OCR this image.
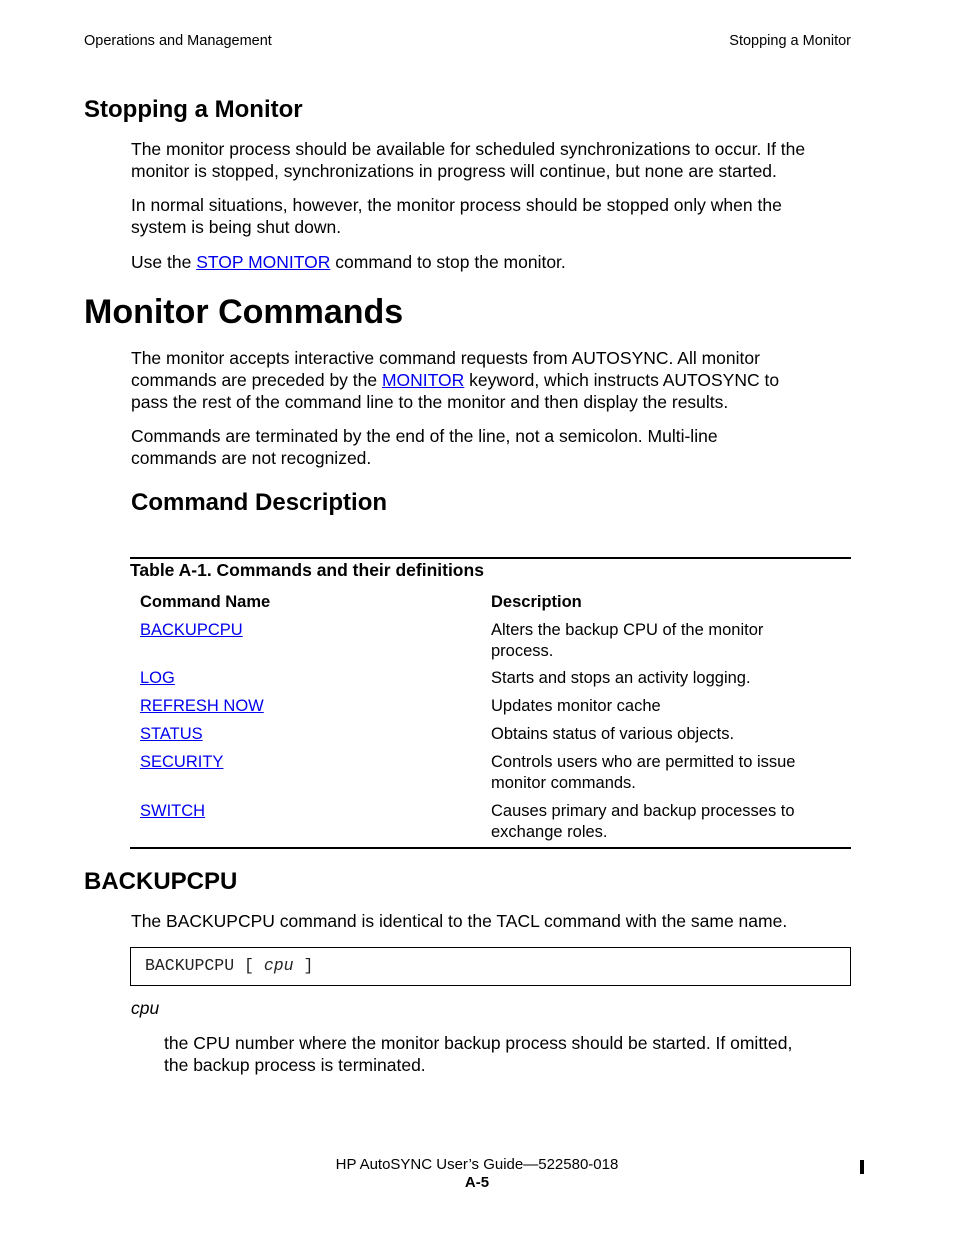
Operations and Management	Stopping a Monitor
Stopping a Monitor
The monitor process should be available for scheduled synchronizations to occur. If the
monitor is stopped, synchronizations in progress will continue, but none are started.
In normal situations, however, the monitor process should be stopped only when the
system is being shut down.
Use the STOP MONITOR command to stop the monitor.
Monitor Commands
The monitor accepts interactive command requests from AUTOSYNC. All monitor
commands are preceded by the MONITOR keyword, which instructs AUTOSYNC to
pass the rest of the command line to the monitor and then display the results.
Commands are terminated by the end of the line, not a semicolon. Multi-line
commands are not recognized.
Command Description
Table A-1. Commands and their definitions
Command Name	Description
BACKUPCPU	Alters the backup CPU of the monitor
process.
LOG	Starts and stops an activity logging.
REFRESH NOW	Updates monitor cache
STATUS	Obtains status of various objects.
SECURITY	Controls users who are permitted to issue
monitor commands.
SWITCH	Causes primary and backup processes to
exchange roles.
BACKUPCPU
The BACKUPCPU command is identical to the TACL command with the same name.
BACKUPCPU [ cpu ]
cpu
the CPU number where the monitor backup process should be started. If omitted,
the backup process is terminated.
HP AutoSYNC User’s Guide—522580-018
A-5
